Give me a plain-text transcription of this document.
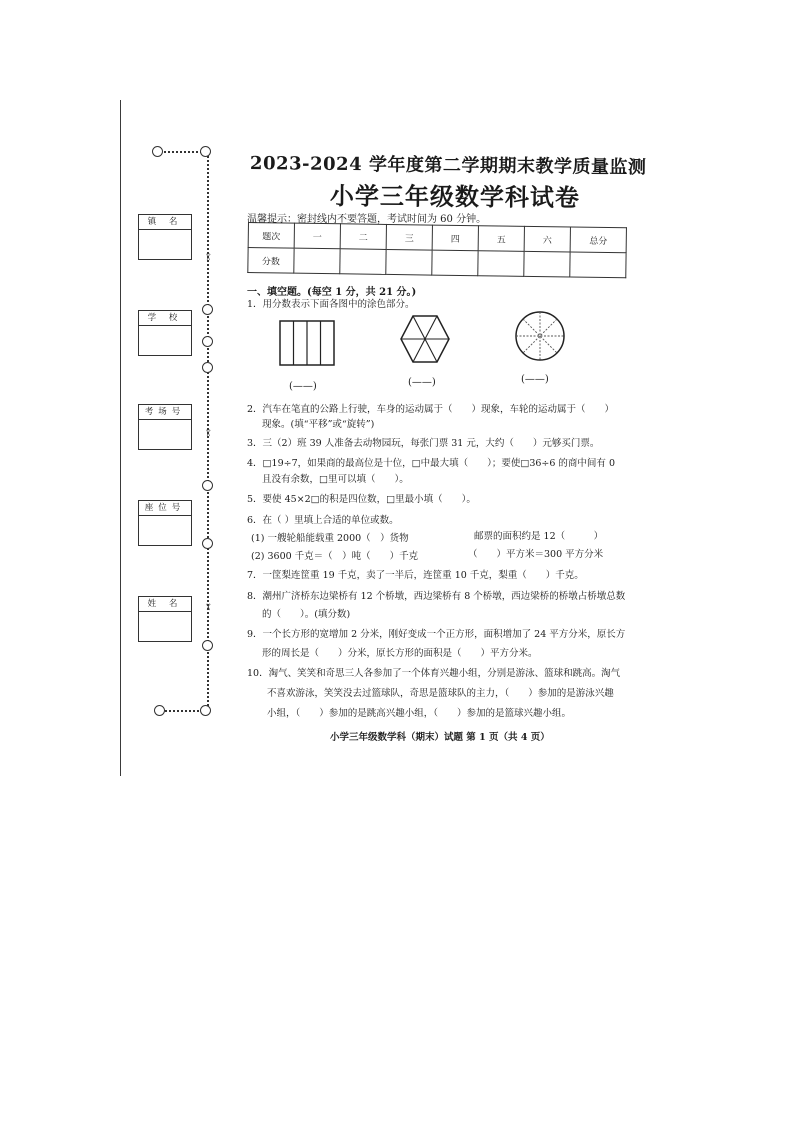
✂
✂
✂
镇 名
学 校
考场号
座位号
姓 名
2023-2024 学年度第二学期期末教学质量监测
小学三年级数学科试卷
温馨提示：密封线内不要答题，考试时间为 60 分钟。
题次	一	二	三	四	五	六	总分
分数							
一、填空题。(每空 1 分，共 21 分。)
1．用分数表示下面各图中的涂色部分。
(——)	(——)	(——)
2．汽车在笔直的公路上行驶，车身的运动属于（　　）现象，车轮的运动属于（　　）
现象。(填“平移”或“旋转”)
3．三（2）班 39 人准备去动物园玩，每张门票 31 元，大约（　　）元够买门票。
4．□19÷7，如果商的最高位是十位，□中最大填（　　）；要使□36÷6 的商中间有 0
且没有余数，□里可以填（　　）。
5．要使 45×2□的积是四位数，□里最小填（　　）。
6．在（ ）里填上合适的单位或数。
(1) 一艘轮船能载重 2000（　）货物	邮票的面积约是 12（　　　）
(2) 3600 千克＝（　）吨（　　）千克	（　　）平方米＝300 平方分米
7．一筐梨连筐重 19 千克，卖了一半后，连筐重 10 千克，梨重（　　）千克。
8．潮州广济桥东边梁桥有 12 个桥墩，西边梁桥有 8 个桥墩，西边梁桥的桥墩占桥墩总数
的（　　）。(填分数)
9．一个长方形的宽增加 2 分米，刚好变成一个正方形，面积增加了 24 平方分米，原长方
形的周长是（　　）分米，原长方形的面积是（　　）平方分米。
10．淘气、笑笑和奇思三人各参加了一个体育兴趣小组，分别是游泳、篮球和跳高。淘气
不喜欢游泳，笑笑没去过篮球队，奇思是篮球队的主力，（　　）参加的是游泳兴趣
小组，（　　）参加的是跳高兴趣小组，（　　）参加的是篮球兴趣小组。
小学三年级数学科（期末）试题 第 1 页（共 4 页）
